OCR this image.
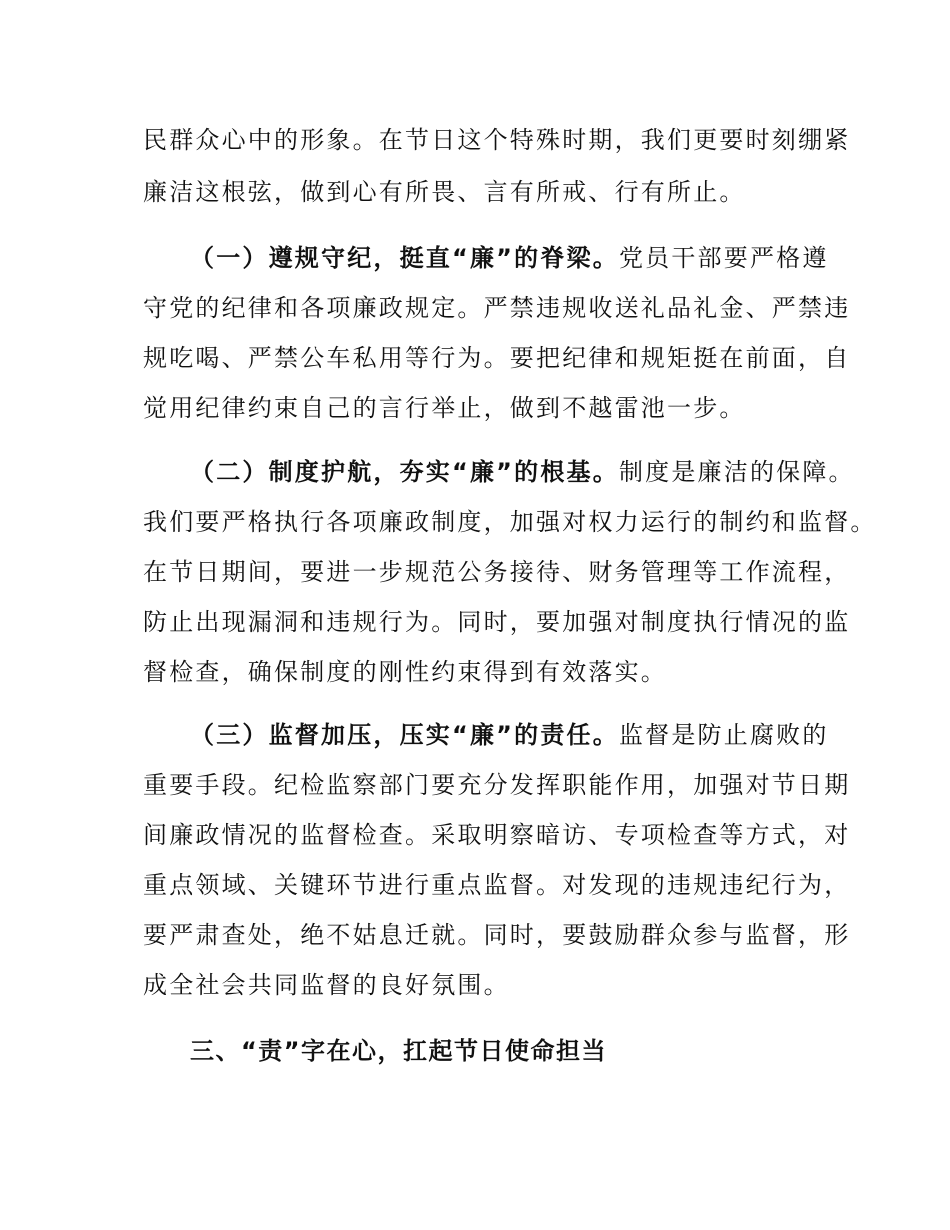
民群众心中的形象。在节日这个特殊时期，我们更要时刻绷紧

廉洁这根弦，做到心有所畏、言有所戒、行有所止。

（一）遵规守纪，挺直“廉”的脊梁。党员干部要严格遵

守党的纪律和各项廉政规定。严禁违规收送礼品礼金、严禁违

规吃喝、严禁公车私用等行为。要把纪律和规矩挺在前面，自

觉用纪律约束自己的言行举止，做到不越雷池一步。

（二）制度护航，夯实“廉”的根基。制度是廉洁的保障。

我们要严格执行各项廉政制度，加强对权力运行的制约和监督。

在节日期间，要进一步规范公务接待、财务管理等工作流程，

防止出现漏洞和违规行为。同时，要加强对制度执行情况的监

督检查，确保制度的刚性约束得到有效落实。

（三）监督加压，压实“廉”的责任。监督是防止腐败的

重要手段。纪检监察部门要充分发挥职能作用，加强对节日期

间廉政情况的监督检查。采取明察暗访、专项检查等方式，对

重点领域、关键环节进行重点监督。对发现的违规违纪行为，

要严肃查处，绝不姑息迁就。同时，要鼓励群众参与监督，形

成全社会共同监督的良好氛围。

三、“责”字在心，扛起节日使命担当
